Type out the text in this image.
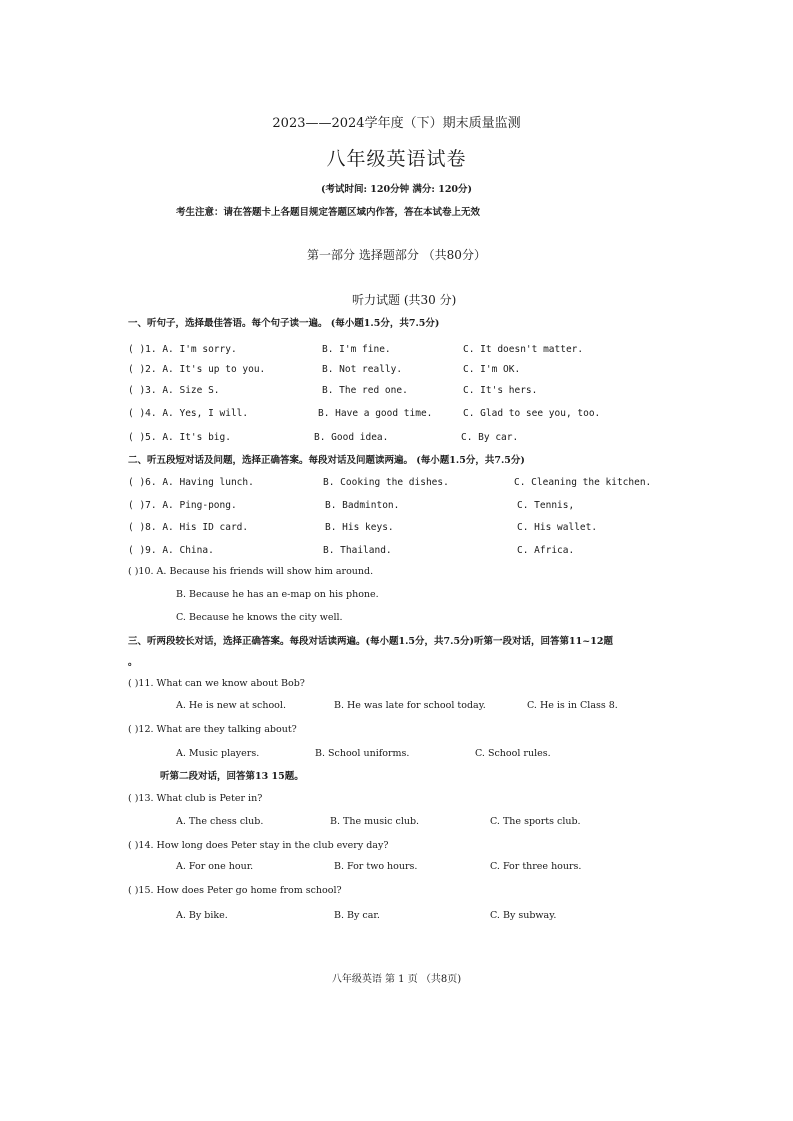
2023——2024学年度（下）期末质量监测
八年级英语试卷
(考试时间: 120分钟 满分: 120分)
考生注意：请在答题卡上各题目规定答题区域内作答，答在本试卷上无效
第一部分 选择题部分 （共80分）
听力试题 (共30 分)
一、听句子，选择最佳答语。每个句子读一遍。 (每小题1.5分，共7.5分)
( )1. A. I'm sorry.	B. I'm fine.	C. It doesn't matter.
( )2. A. It's up to you.	B. Not really.	C. I'm OK.
( )3. A. Size S.	B. The red one.	C. It's hers.
( )4. A. Yes, I will.	B. Have a good time.	C. Glad to see you, too.
( )5. A. It's big.	B. Good idea.	C. By car.
二、听五段短对话及问题，选择正确答案。每段对话及问题读两遍。 (每小题1.5分，共7.5分)
( )6. A. Having lunch.	B. Cooking the dishes.	C. Cleaning the kitchen.
( )7. A. Ping-pong.	B. Badminton.	C. Tennis,
( )8. A. His ID card.	B. His keys.	C. His wallet.
( )9. A. China.	B. Thailand.	C. Africa.
( )10. A. Because his friends will show him around.
B. Because he has an e-map on his phone.
C. Because he knows the city well.
三、听两段较长对话，选择正确答案。每段对话读两遍。(每小题1.5分，共7.5分)听第一段对话，回答第11~12题
。
( )11. What can we know about Bob?
A. He is new at school.	B. He was late for school today.	C. He is in Class 8.
( )12. What are they talking about?
A. Music players.	B. School uniforms.	C. School rules.
听第二段对话，回答第13 15题。
( )13. What club is Peter in?
A. The chess club.	B. The music club.	C. The sports club.
( )14. How long does Peter stay in the club every day?
A. For one hour.	B. For two hours.	C. For three hours.
( )15. How does Peter go home from school?
A. By bike.	B. By car.	C. By subway.
八年级英语 第 1 页 （共8页)
